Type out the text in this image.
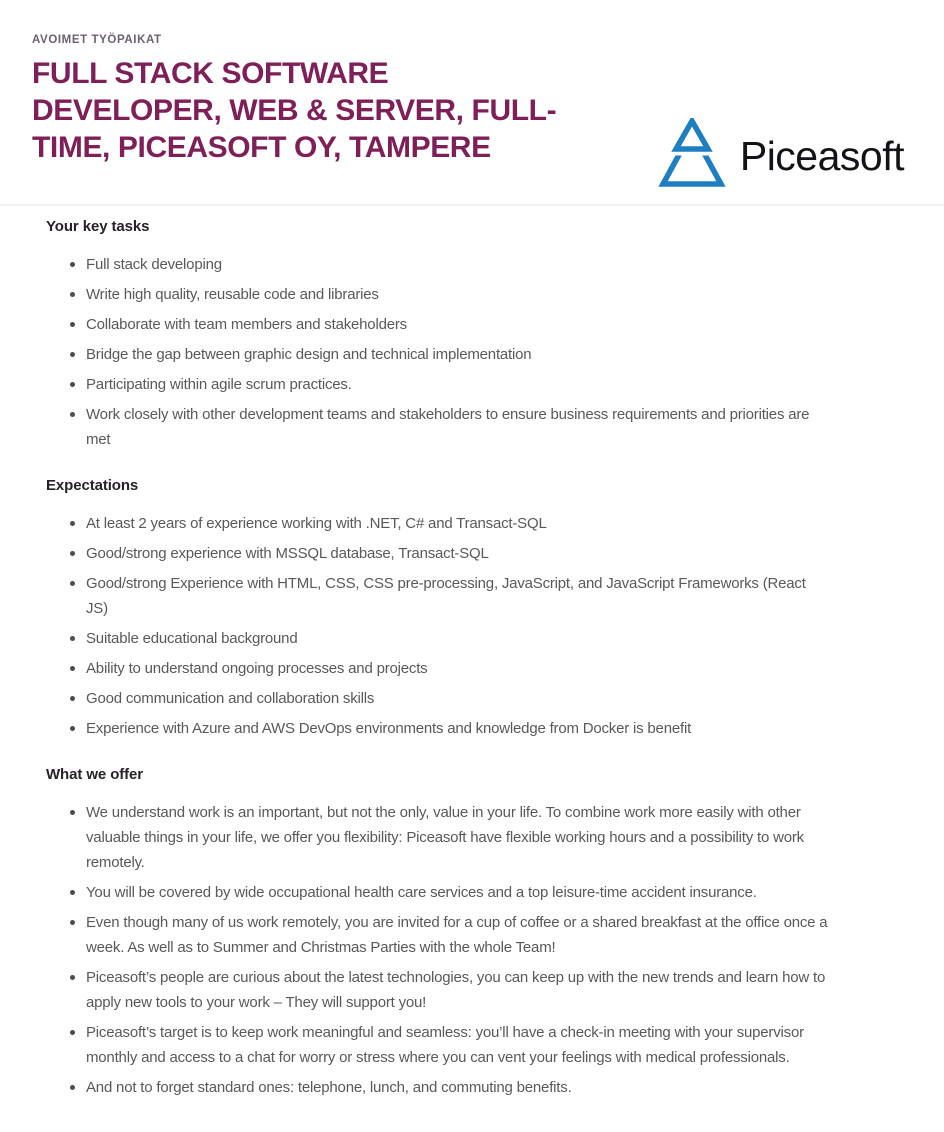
AVOIMET TYÖPAIKAT
FULL STACK SOFTWARE
DEVELOPER, WEB & SERVER, FULL-
TIME, PICEASOFT OY, TAMPERE	Piceasoft
Your key tasks
Full stack developing
Write high quality, reusable code and libraries
Collaborate with team members and stakeholders
Bridge the gap between graphic design and technical implementation
Participating within agile scrum practices.
Work closely with other development teams and stakeholders to ensure business requirements and priorities are met
Expectations
At least 2 years of experience working with .NET, C# and Transact-SQL
Good/strong experience with MSSQL database, Transact-SQL
Good/strong Experience with HTML, CSS, CSS pre-processing, JavaScript, and JavaScript Frameworks (React JS)
Suitable educational background
Ability to understand ongoing processes and projects
Good communication and collaboration skills
Experience with Azure and AWS DevOps environments and knowledge from Docker is benefit
What we offer
We understand work is an important, but not the only, value in your life. To combine work more easily with other valuable things in your life, we offer you flexibility: Piceasoft have flexible working hours and a possibility to work remotely.
You will be covered by wide occupational health care services and a top leisure-time accident insurance.
Even though many of us work remotely, you are invited for a cup of coffee or a shared breakfast at the office once a week. As well as to Summer and Christmas Parties with the whole Team!
Piceasoft’s people are curious about the latest technologies, you can keep up with the new trends and learn how to apply new tools to your work – They will support you!
Piceasoft’s target is to keep work meaningful and seamless: you’ll have a check-in meeting with your supervisor monthly and access to a chat for worry or stress where you can vent your feelings with medical professionals.
And not to forget standard ones: telephone, lunch, and commuting benefits.
